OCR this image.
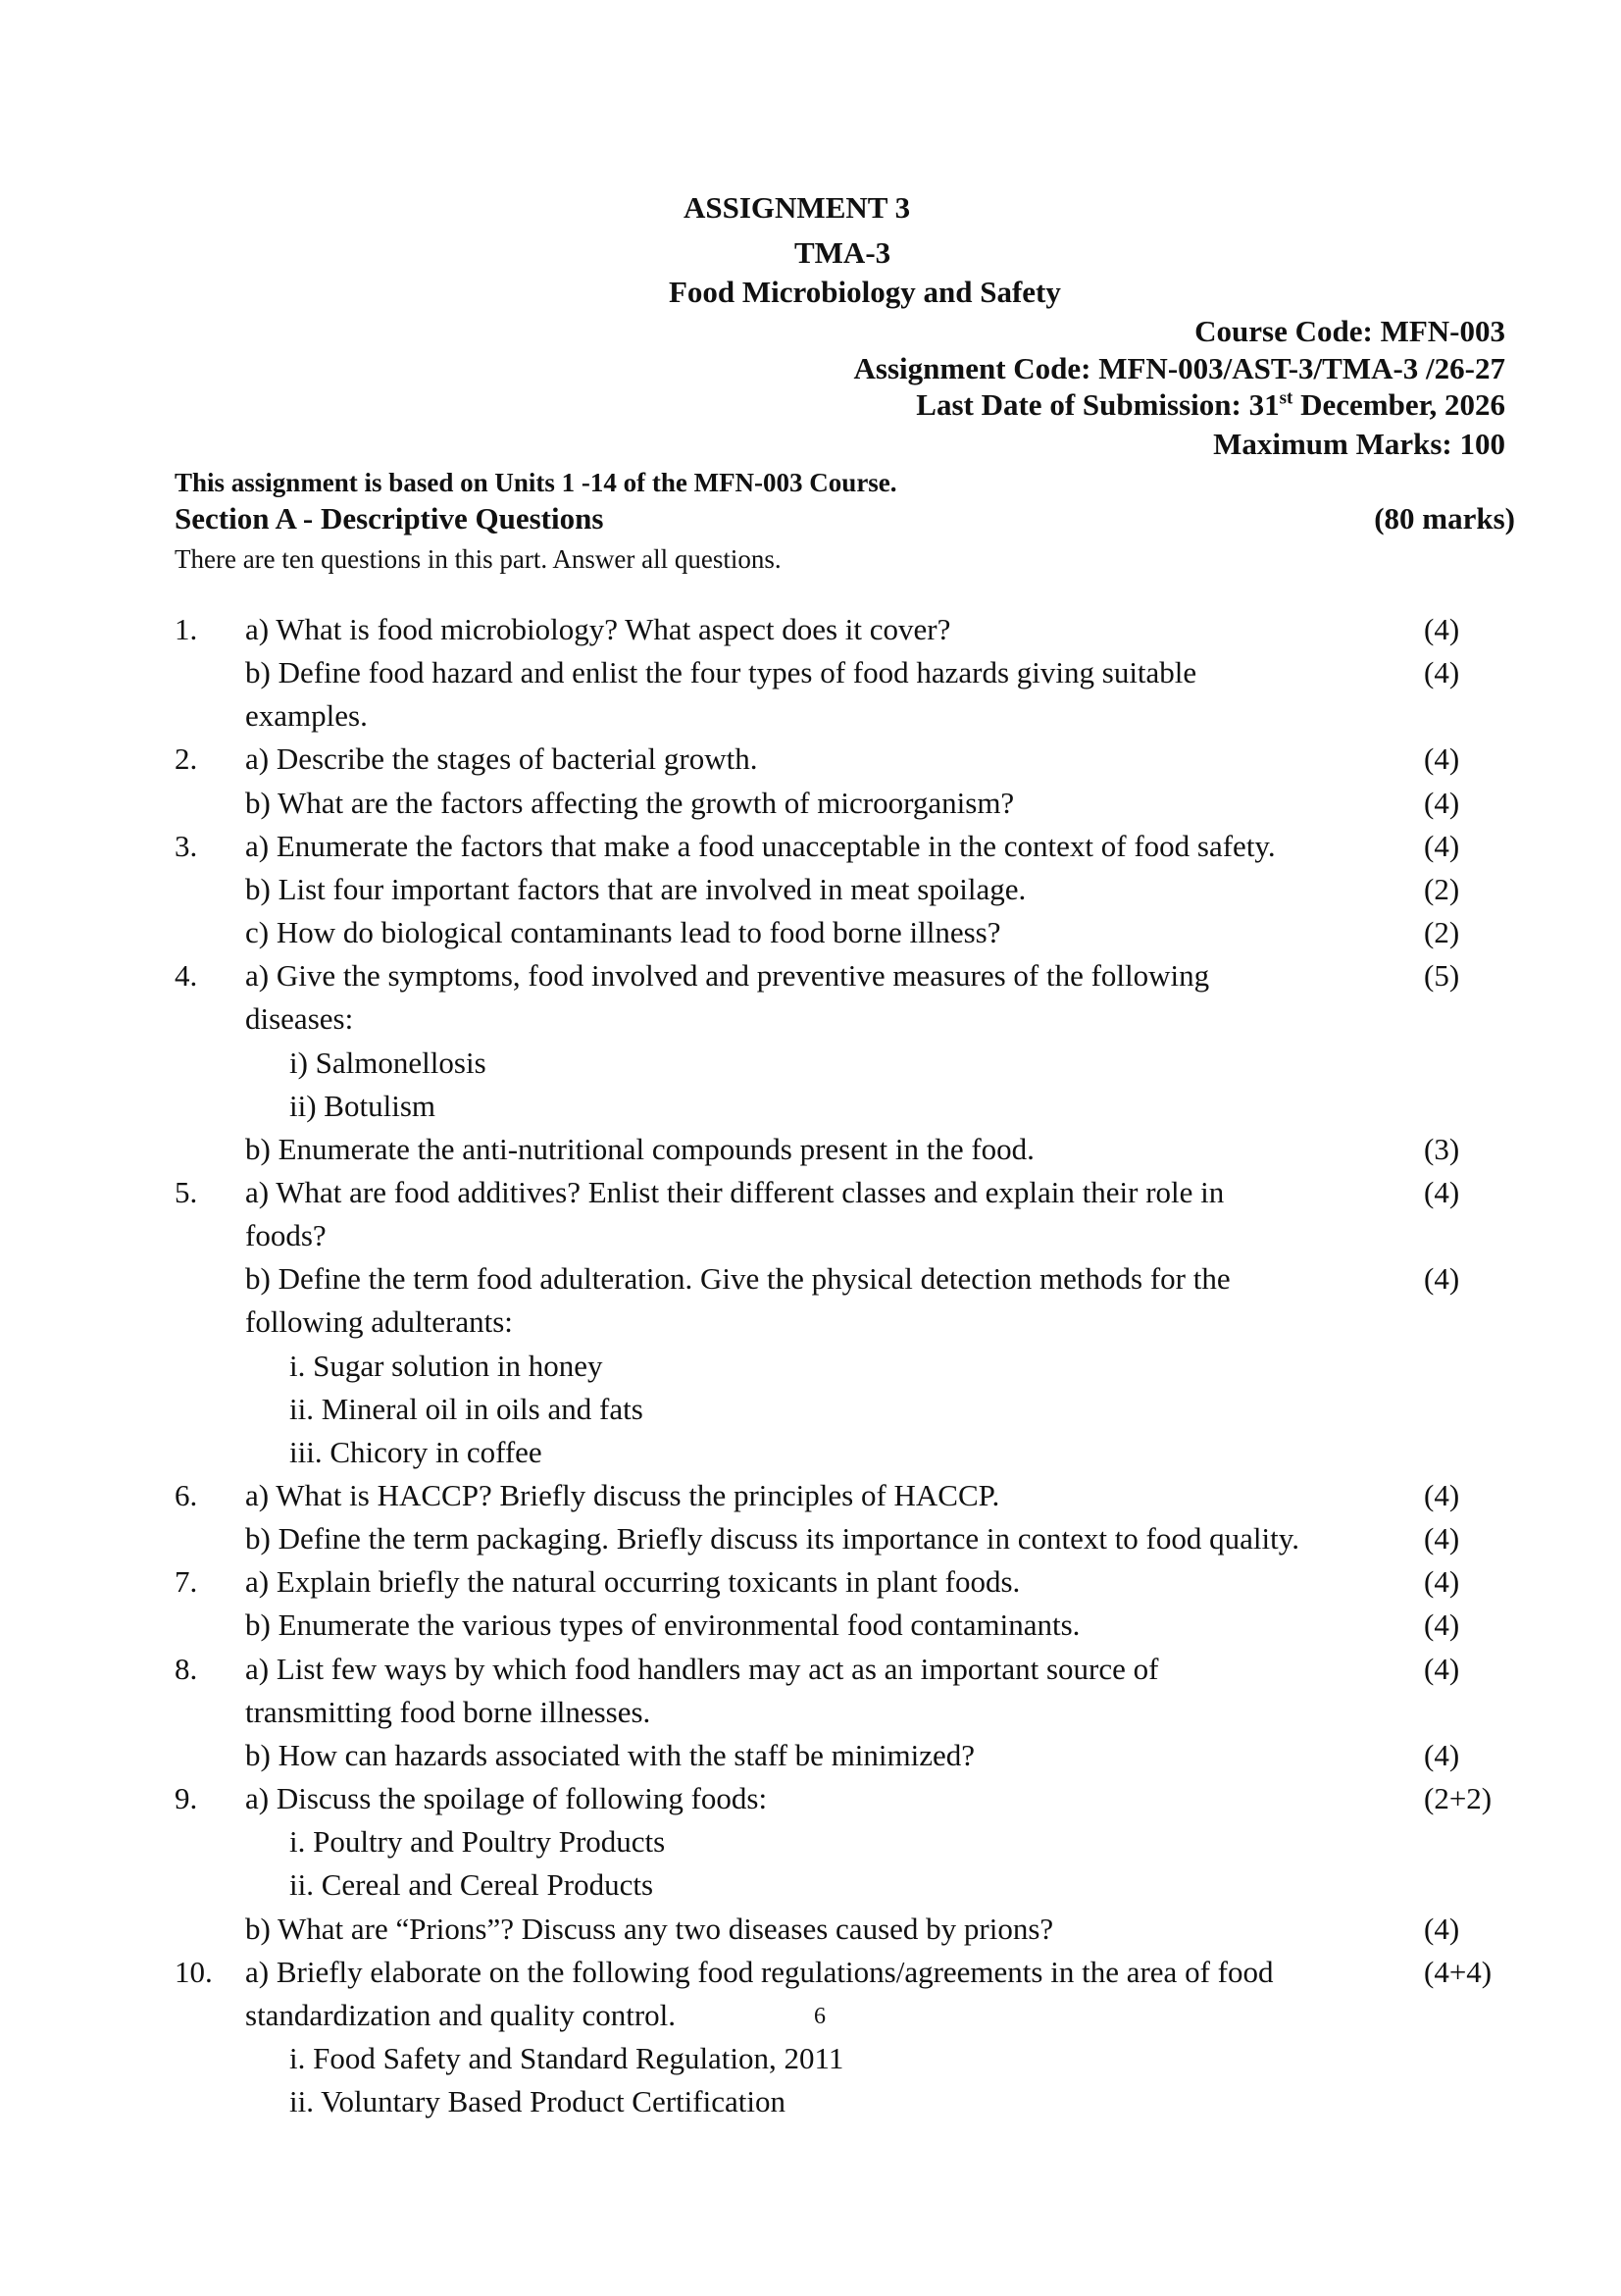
ASSIGNMENT 3
TMA-3
Food Microbiology and Safety
Course Code: MFN-003
Assignment Code: MFN-003/AST-3/TMA-3 /26-27
Last Date of Submission: 31st December, 2026
Maximum Marks: 100
This assignment is based on Units 1 -14 of the MFN-003 Course.
Section A - Descriptive Questions	(80 marks)
There are ten questions in this part. Answer all questions.
1. a) What is food microbiology? What aspect does it cover?	(4)
b) Define food hazard and enlist the four types of food hazards giving suitable	(4)
examples.
2. a) Describe the stages of bacterial growth.	(4)
b) What are the factors affecting the growth of microorganism?	(4)
3. a) Enumerate the factors that make a food unacceptable in the context of food safety.	(4)
b) List four important factors that are involved in meat spoilage.	(2)
c) How do biological contaminants lead to food borne illness?	(2)
4. a) Give the symptoms, food involved and preventive measures of the following	(5)
diseases:
i) Salmonellosis
ii) Botulism
b) Enumerate the anti-nutritional compounds present in the food.	(3)
5. a) What are food additives? Enlist their different classes and explain their role in	(4)
foods?
b) Define the term food adulteration. Give the physical detection methods for the	(4)
following adulterants:
i. Sugar solution in honey
ii. Mineral oil in oils and fats
iii. Chicory in coffee
6. a) What is HACCP? Briefly discuss the principles of HACCP.	(4)
b) Define the term packaging. Briefly discuss its importance in context to food quality.	(4)
7. a) Explain briefly the natural occurring toxicants in plant foods.	(4)
b) Enumerate the various types of environmental food contaminants.	(4)
8. a) List few ways by which food handlers may act as an important source of	(4)
transmitting food borne illnesses.
b) How can hazards associated with the staff be minimized?	(4)
9. a) Discuss the spoilage of following foods:	(2+2)
i. Poultry and Poultry Products
ii. Cereal and Cereal Products
b) What are “Prions”? Discuss any two diseases caused by prions?	(4)
10. a) Briefly elaborate on the following food regulations/agreements in the area of food	(4+4)
standardization and quality control.
i. Food Safety and Standard Regulation, 2011
ii. Voluntary Based Product Certification
6
